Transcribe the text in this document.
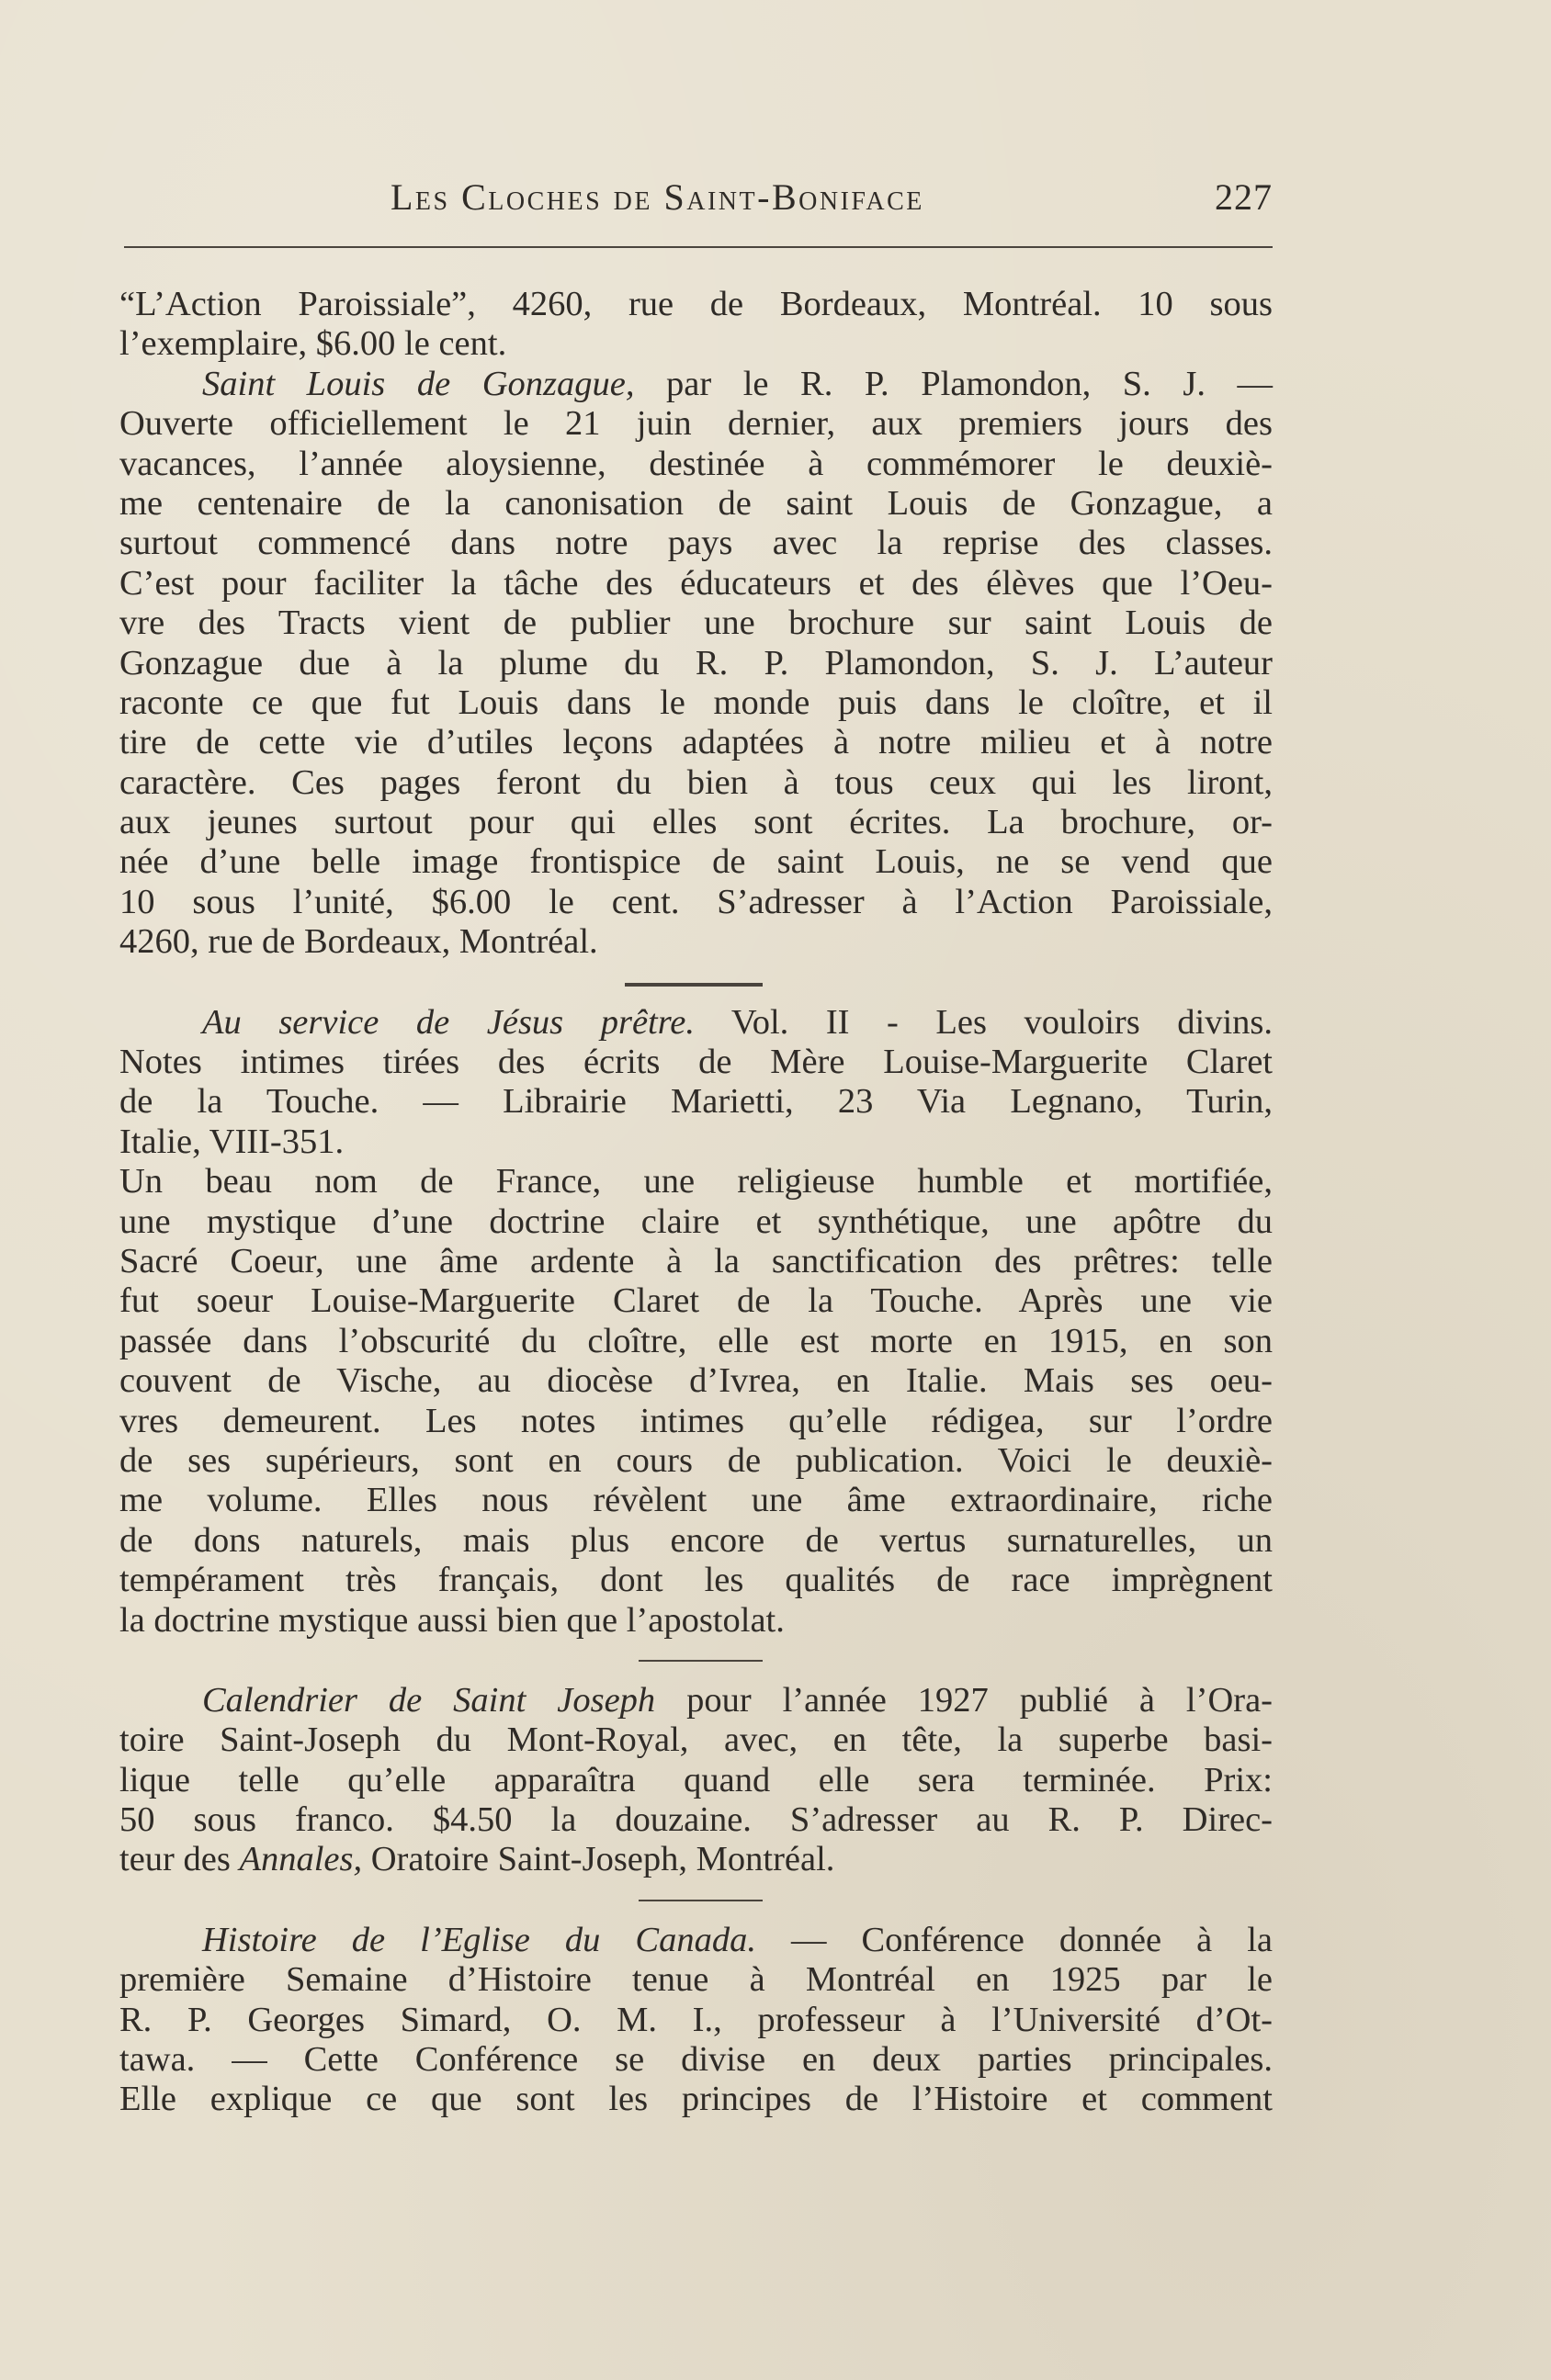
Les Cloches de Saint-Boniface	227
“L’Action Paroissiale”, 4260, rue de Bordeaux, Montréal. 10 sous
l’exemplaire, $6.00 le cent.
Saint Louis de Gonzague, par le R. P. Plamondon, S. J. —
Ouverte officiellement le 21 juin dernier, aux premiers jours des
vacances, l’année aloysienne, destinée à commémorer le deuxiè-
me centenaire de la canonisation de saint Louis de Gonzague, a
surtout commencé dans notre pays avec la reprise des classes.
C’est pour faciliter la tâche des éducateurs et des élèves que l’Oeu-
vre des Tracts vient de publier une brochure sur saint Louis de
Gonzague due à la plume du R. P. Plamondon, S. J. L’auteur
raconte ce que fut Louis dans le monde puis dans le cloître, et il
tire de cette vie d’utiles leçons adaptées à notre milieu et à notre
caractère. Ces pages feront du bien à tous ceux qui les liront,
aux jeunes surtout pour qui elles sont écrites. La brochure, or-
née d’une belle image frontispice de saint Louis, ne se vend que
10 sous l’unité, $6.00 le cent. S’adresser à l’Action Paroissiale,
4260, rue de Bordeaux, Montréal.
Au service de Jésus prêtre. Vol. II - Les vouloirs divins.
Notes intimes tirées des écrits de Mère Louise-Marguerite Claret
de la Touche. — Librairie Marietti, 23 Via Legnano, Turin,
Italie, VIII-351.
Un beau nom de France, une religieuse humble et mortifiée,
une mystique d’une doctrine claire et synthétique, une apôtre du
Sacré Coeur, une âme ardente à la sanctification des prêtres: telle
fut soeur Louise-Marguerite Claret de la Touche. Après une vie
passée dans l’obscurité du cloître, elle est morte en 1915, en son
couvent de Vische, au diocèse d’Ivrea, en Italie. Mais ses oeu-
vres demeurent. Les notes intimes qu’elle rédigea, sur l’ordre
de ses supérieurs, sont en cours de publication. Voici le deuxiè-
me volume. Elles nous révèlent une âme extraordinaire, riche
de dons naturels, mais plus encore de vertus surnaturelles, un
tempérament très français, dont les qualités de race imprègnent
la doctrine mystique aussi bien que l’apostolat.
Calendrier de Saint Joseph pour l’année 1927 publié à l’Ora-
toire Saint-Joseph du Mont-Royal, avec, en tête, la superbe basi-
lique telle qu’elle apparaîtra quand elle sera terminée. Prix:
50 sous franco. $4.50 la douzaine. S’adresser au R. P. Direc-
teur des Annales, Oratoire Saint-Joseph, Montréal.
Histoire de l’Eglise du Canada. — Conférence donnée à la
première Semaine d’Histoire tenue à Montréal en 1925 par le
R. P. Georges Simard, O. M. I., professeur à l’Université d’Ot-
tawa. — Cette Conférence se divise en deux parties principales.
Elle explique ce que sont les principes de l’Histoire et comment
